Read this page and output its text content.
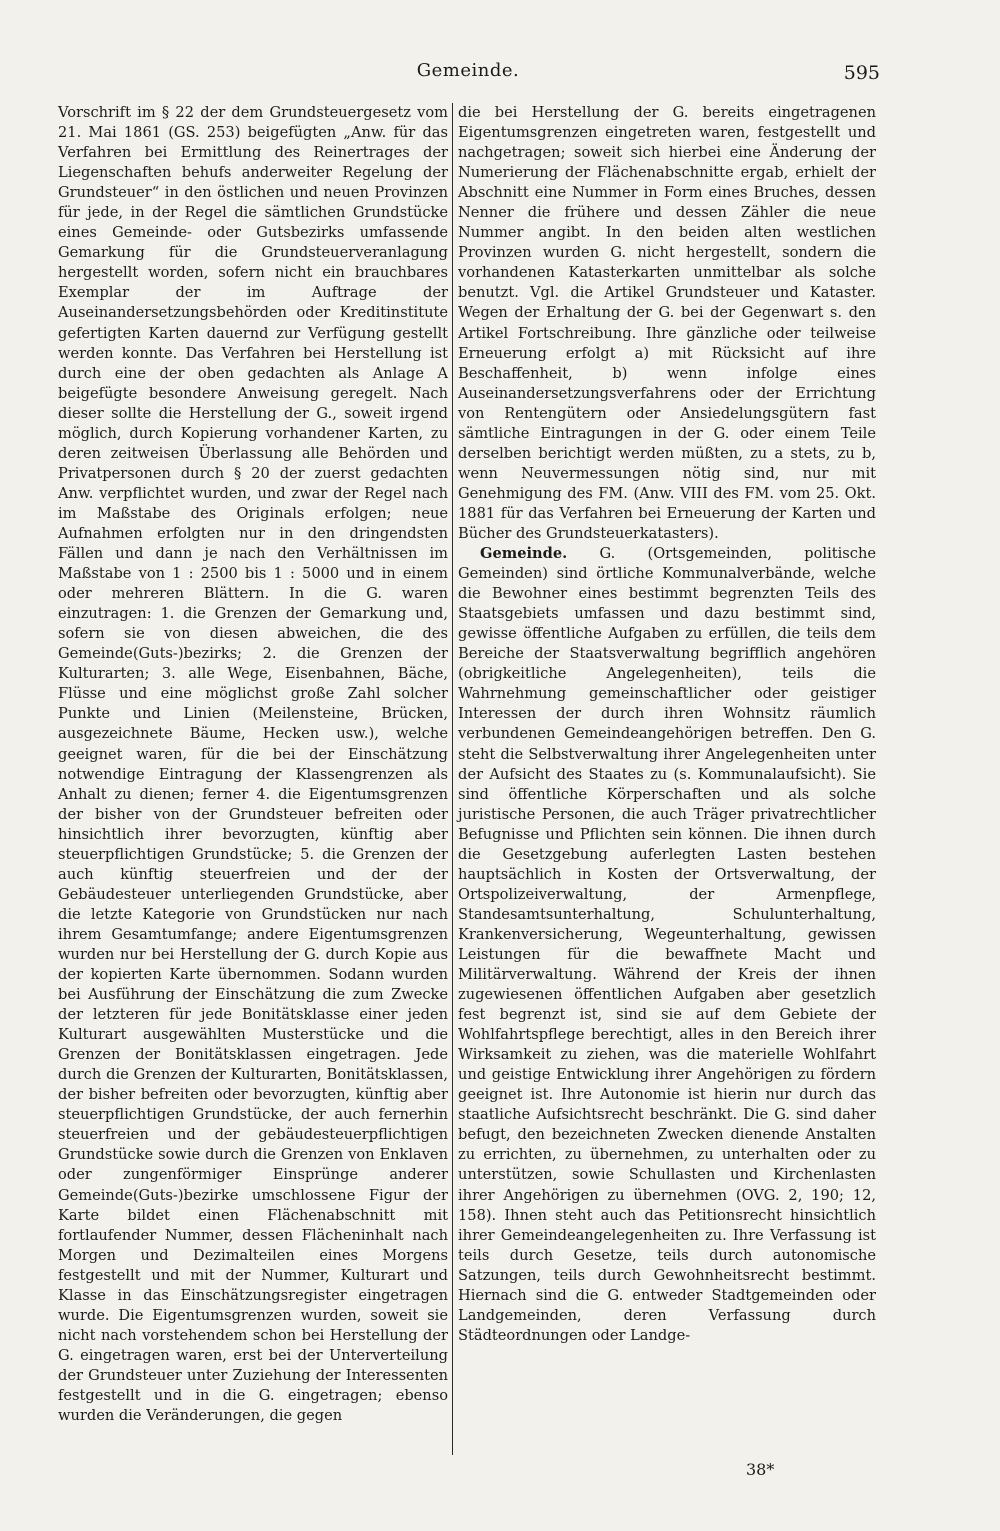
Gemeinde.	595

Vorschrift im § 22 der dem Grundsteuergesetz vom 21. Mai 1861 (GS. 253) beigefügten „Anw. für das Verfahren bei Ermittlung des Reinertrages der Liegenschaften behufs anderweiter Regelung der Grundsteuer“ in den östlichen und neuen Provinzen für jede, in der Regel die sämtlichen Grundstücke eines Gemeinde- oder Gutsbezirks umfassende Gemarkung für die Grundsteuerveranlagung hergestellt worden, sofern nicht ein brauchbares Exemplar der im Auftrage der Auseinandersetzungsbehörden oder Kreditinstitute gefertigten Karten dauernd zur Verfügung gestellt werden konnte. Das Verfahren bei Herstellung ist durch eine der oben gedachten als Anlage A beigefügte besondere Anweisung geregelt. Nach dieser sollte die Herstellung der G., soweit irgend möglich, durch Kopierung vorhandener Karten, zu deren zeitweisen Überlassung alle Behörden und Privatpersonen durch § 20 der zuerst gedachten Anw. verpflichtet wurden, und zwar der Regel nach im Maßstabe des Originals erfolgen; neue Aufnahmen erfolgten nur in den dringendsten Fällen und dann je nach den Verhältnissen im Maßstabe von 1 : 2500 bis 1 : 5000 und in einem oder mehreren Blättern. In die G. waren einzutragen: 1. die Grenzen der Gemarkung und, sofern sie von diesen abweichen, die des Gemeinde(Guts-)bezirks; 2. die Grenzen der Kulturarten; 3. alle Wege, Eisenbahnen, Bäche, Flüsse und eine möglichst große Zahl solcher Punkte und Linien (Meilensteine, Brücken, ausgezeichnete Bäume, Hecken usw.), welche geeignet waren, für die bei der Einschätzung notwendige Eintragung der Klassengrenzen als Anhalt zu dienen; ferner 4. die Eigentumsgrenzen der bisher von der Grundsteuer befreiten oder hinsichtlich ihrer bevorzugten, künftig aber steuerpflichtigen Grundstücke; 5. die Grenzen der auch künftig steuerfreien und der der Gebäudesteuer unterliegenden Grundstücke, aber die letzte Kategorie von Grundstücken nur nach ihrem Gesamtumfange; andere Eigentumsgrenzen wurden nur bei Herstellung der G. durch Kopie aus der kopierten Karte übernommen. Sodann wurden bei Ausführung der Einschätzung die zum Zwecke der letzteren für jede Bonitätsklasse einer jeden Kulturart ausgewählten Musterstücke und die Grenzen der Bonitätsklassen eingetragen. Jede durch die Grenzen der Kulturarten, Bonitätsklassen, der bisher befreiten oder bevorzugten, künftig aber steuerpflichtigen Grundstücke, der auch fernerhin steuerfreien und der gebäudesteuerpflichtigen Grundstücke sowie durch die Grenzen von Enklaven oder zungenförmiger Einsprünge anderer Gemeinde(Guts-)bezirke umschlossene Figur der Karte bildet einen Flächenabschnitt mit fortlaufender Nummer, dessen Flächeninhalt nach Morgen und Dezimalteilen eines Morgens festgestellt und mit der Nummer, Kulturart und Klasse in das Einschätzungsregister eingetragen wurde. Die Eigentumsgrenzen wurden, soweit sie nicht nach vorstehendem schon bei Herstellung der G. eingetragen waren, erst bei der Unterverteilung der Grundsteuer unter Zuziehung der Interessenten festgestellt und in die G. eingetragen; ebenso wurden die Veränderungen, die gegen

die bei Herstellung der G. bereits eingetragenen Eigentumsgrenzen eingetreten waren, festgestellt und nachgetragen; soweit sich hierbei eine Änderung der Numerierung der Flächenabschnitte ergab, erhielt der Abschnitt eine Nummer in Form eines Bruches, dessen Nenner die frühere und dessen Zähler die neue Nummer angibt. In den beiden alten westlichen Provinzen wurden G. nicht hergestellt, sondern die vorhandenen Katasterkarten unmittelbar als solche benutzt. Vgl. die Artikel Grundsteuer und Kataster. Wegen der Erhaltung der G. bei der Gegenwart s. den Artikel Fortschreibung. Ihre gänzliche oder teilweise Erneuerung erfolgt a) mit Rücksicht auf ihre Beschaffenheit, b) wenn infolge eines Auseinandersetzungsverfahrens oder der Errichtung von Rentengütern oder Ansiedelungsgütern fast sämtliche Eintragungen in der G. oder einem Teile derselben berichtigt werden müßten, zu a stets, zu b, wenn Neuvermessungen nötig sind, nur mit Genehmigung des FM. (Anw. VIII des FM. vom 25. Okt. 1881 für das Verfahren bei Erneuerung der Karten und Bücher des Grundsteuerkatasters).

Gemeinde. G. (Ortsgemeinden, politische Gemeinden) sind örtliche Kommunalverbände, welche die Bewohner eines bestimmt begrenzten Teils des Staatsgebiets umfassen und dazu bestimmt sind, gewisse öffentliche Aufgaben zu erfüllen, die teils dem Bereiche der Staatsverwaltung begrifflich angehören (obrigkeitliche Angelegenheiten), teils die Wahrnehmung gemeinschaftlicher oder geistiger Interessen der durch ihren Wohnsitz räumlich verbundenen Gemeindeangehörigen betreffen. Den G. steht die Selbstverwaltung ihrer Angelegenheiten unter der Aufsicht des Staates zu (s. Kommunalaufsicht). Sie sind öffentliche Körperschaften und als solche juristische Personen, die auch Träger privatrechtlicher Befugnisse und Pflichten sein können. Die ihnen durch die Gesetzgebung auferlegten Lasten bestehen hauptsächlich in Kosten der Ortsverwaltung, der Ortspolizeiverwaltung, der Armenpflege, Standesamtsunterhaltung, Schulunterhaltung, Krankenversicherung, Wegeunterhaltung, gewissen Leistungen für die bewaffnete Macht und Militärverwaltung. Während der Kreis der ihnen zugewiesenen öffentlichen Aufgaben aber gesetzlich fest begrenzt ist, sind sie auf dem Gebiete der Wohlfahrtspflege berechtigt, alles in den Bereich ihrer Wirksamkeit zu ziehen, was die materielle Wohlfahrt und geistige Entwicklung ihrer Angehörigen zu fördern geeignet ist. Ihre Autonomie ist hierin nur durch das staatliche Aufsichtsrecht beschränkt. Die G. sind daher befugt, den bezeichneten Zwecken dienende Anstalten zu errichten, zu übernehmen, zu unterhalten oder zu unterstützen, sowie Schullasten und Kirchenlasten ihrer Angehörigen zu übernehmen (OVG. 2, 190; 12, 158). Ihnen steht auch das Petitionsrecht hinsichtlich ihrer Gemeindeangelegenheiten zu. Ihre Verfassung ist teils durch Gesetze, teils durch autonomische Satzungen, teils durch Gewohnheitsrecht bestimmt. Hiernach sind die G. entweder Stadtgemeinden oder Landgemeinden, deren Verfassung durch Städteordnungen oder Landge-

38*
